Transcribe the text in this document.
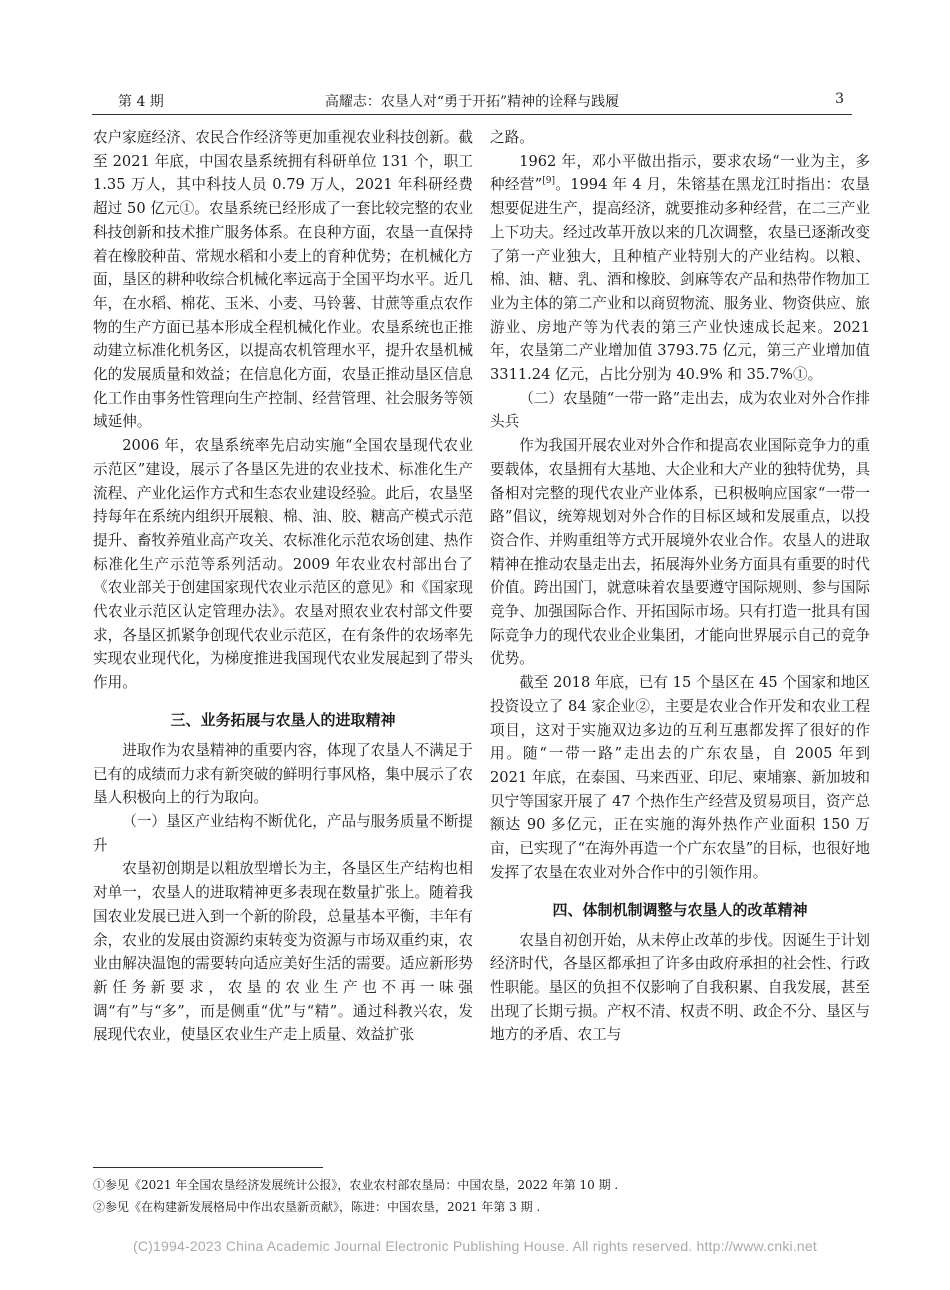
第 4 期	高耀志：农垦人对“勇于开拓”精神的诠释与践履	3

农户家庭经济、农民合作经济等更加重视农业科技创新。截至 2021 年底，中国农垦系统拥有科研单位 131 个，职工 1.35 万人，其中科技人员 0.79 万人，2021 年科研经费超过 50 亿元①。农垦系统已经形成了一套比较完整的农业科技创新和技术推广服务体系。在良种方面，农垦一直保持着在橡胶种苗、常规水稻和小麦上的育种优势；在机械化方面，垦区的耕种收综合机械化率远高于全国平均水平。近几年，在水稻、棉花、玉米、小麦、马铃薯、甘蔗等重点农作物的生产方面已基本形成全程机械化作业。农垦系统也正推动建立标准化机务区，以提高农机管理水平，提升农垦机械化的发展质量和效益；在信息化方面，农垦正推动垦区信息化工作由事务性管理向生产控制、经营管理、社会服务等领域延伸。

2006 年，农垦系统率先启动实施“全国农垦现代农业示范区”建设，展示了各垦区先进的农业技术、标准化生产流程、产业化运作方式和生态农业建设经验。此后，农垦坚持每年在系统内组织开展粮、棉、油、胶、糖高产模式示范提升、畜牧养殖业高产攻关、农标准化示范农场创建、热作标准化生产示范等系列活动。2009 年农业农村部出台了《农业部关于创建国家现代农业示范区的意见》和《国家现代农业示范区认定管理办法》。农垦对照农业农村部文件要求，各垦区抓紧争创现代农业示范区，在有条件的农场率先实现农业现代化，为梯度推进我国现代农业发展起到了带头作用。

三、业务拓展与农垦人的进取精神

进取作为农垦精神的重要内容，体现了农垦人不满足于已有的成绩而力求有新突破的鲜明行事风格，集中展示了农垦人积极向上的行为取向。

（一）垦区产业结构不断优化，产品与服务质量不断提升

农垦初创期是以粗放型增长为主，各垦区生产结构也相对单一，农垦人的进取精神更多表现在数量扩张上。随着我国农业发展已进入到一个新的阶段，总量基本平衡，丰年有余，农业的发展由资源约束转变为资源与市场双重约束，农业由解决温饱的需要转向适应美好生活的需要。适应新形势新任务新要求，农垦的农业生产也不再一味强调“有”与“多”，而是侧重“优”与“精”。通过科教兴农，发展现代农业，使垦区农业生产走上质量、效益扩张

之路。

1962 年，邓小平做出指示，要求农场“一业为主，多种经营”[9]。1994 年 4 月，朱镕基在黑龙江时指出：农垦想要促进生产，提高经济，就要推动多种经营，在二三产业上下功夫。经过改革开放以来的几次调整，农垦已逐渐改变了第一产业独大，且种植产业特别大的产业结构。以粮、棉、油、糖、乳、酒和橡胶、剑麻等农产品和热带作物加工业为主体的第二产业和以商贸物流、服务业、物资供应、旅游业、房地产等为代表的第三产业快速成长起来。2021 年，农垦第二产业增加值 3793.75 亿元，第三产业增加值 3311.24 亿元，占比分别为 40.9% 和 35.7%①。

（二）农垦随“一带一路”走出去，成为农业对外合作排头兵

作为我国开展农业对外合作和提高农业国际竞争力的重要载体，农垦拥有大基地、大企业和大产业的独特优势，具备相对完整的现代农业产业体系，已积极响应国家“一带一路”倡议，统筹规划对外合作的目标区域和发展重点，以投资合作、并购重组等方式开展境外农业合作。农垦人的进取精神在推动农垦走出去，拓展海外业务方面具有重要的时代价值。跨出国门，就意味着农垦要遵守国际规则、参与国际竞争、加强国际合作、开拓国际市场。只有打造一批具有国际竞争力的现代农业企业集团，才能向世界展示自己的竞争优势。

截至 2018 年底，已有 15 个垦区在 45 个国家和地区投资设立了 84 家企业②，主要是农业合作开发和农业工程项目，这对于实施双边多边的互利互惠都发挥了很好的作用。随“一带一路”走出去的广东农垦，自 2005 年到 2021 年底，在泰国、马来西亚、印尼、柬埔寨、新加坡和贝宁等国家开展了 47 个热作生产经营及贸易项目，资产总额达 90 多亿元，正在实施的海外热作产业面积 150 万亩，已实现了“在海外再造一个广东农垦”的目标，也很好地发挥了农垦在农业对外合作中的引领作用。

四、体制机制调整与农垦人的改革精神

农垦自初创开始，从未停止改革的步伐。因诞生于计划经济时代，各垦区都承担了许多由政府承担的社会性、行政性职能。垦区的负担不仅影响了自我积累、自我发展，甚至出现了长期亏损。产权不清、权责不明、政企不分、垦区与地方的矛盾、农工与

①参见《2021 年全国农垦经济发展统计公报》，农业农村部农垦局：中国农垦，2022 年第 10 期 .
②参见《在构建新发展格局中作出农垦新贡献》，陈进：中国农垦，2021 年第 3 期 .
(C)1994-2023 China Academic Journal Electronic Publishing House. All rights reserved. http://www.cnki.net
